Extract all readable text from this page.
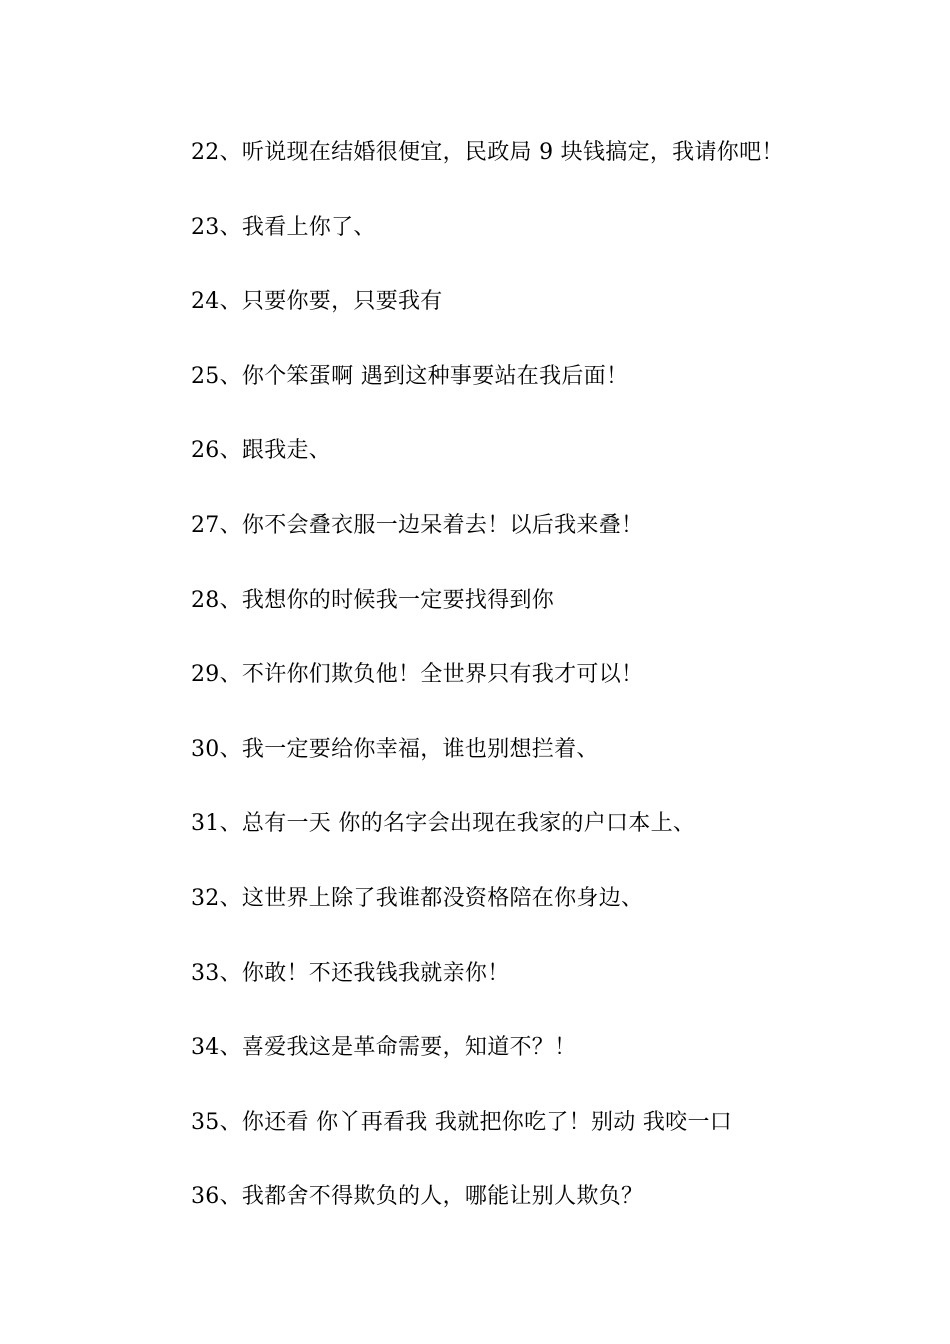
22、听说现在结婚很便宜，民政局 9 块钱搞定，我请你吧！
23、我看上你了、
24、只要你要，只要我有
25、你个笨蛋啊 遇到这种事要站在我后面！
26、跟我走、
27、你不会叠衣服一边呆着去！以后我来叠！
28、我想你的时候我一定要找得到你
29、不许你们欺负他！全世界只有我才可以！
30、我一定要给你幸福，谁也别想拦着、
31、总有一天 你的名字会出现在我家的户口本上、
32、这世界上除了我谁都没资格陪在你身边、
33、你敢！不还我钱我就亲你！
34、喜爱我这是革命需要，知道不？！
35、你还看 你丫再看我 我就把你吃了！别动 我咬一口
36、我都舍不得欺负的人，哪能让别人欺负？
